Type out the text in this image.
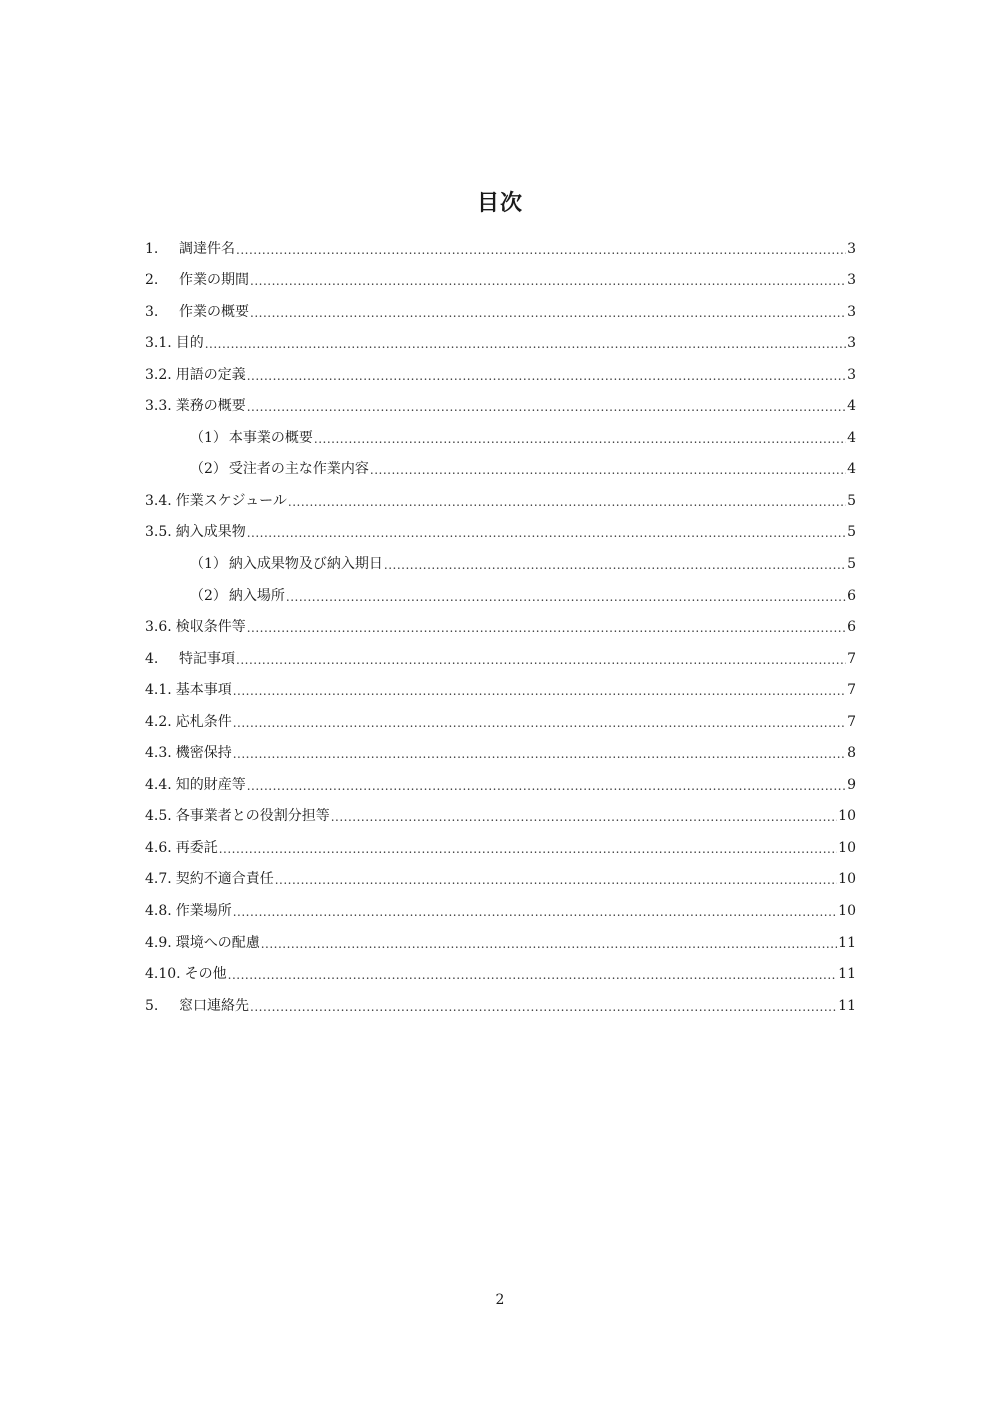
目次
1.	調達件名 .....	3
2.	作業の期間 .....	3
3.	作業の概要 .....	3
3.1. 目的 .....	3
3.2. 用語の定義 .....	3
3.3. 業務の概要 .....	4
（1） 本事業の概要 .....	4
（2） 受注者の主な作業内容 .....	4
3.4. 作業スケジュール .....	5
3.5. 納入成果物 .....	5
（1） 納入成果物及び納入期日 .....	5
（2） 納入場所 .....	6
3.6. 検収条件等 .....	6
4.	特記事項 .....	7
4.1. 基本事項 .....	7
4.2. 応札条件 .....	7
4.3. 機密保持 .....	8
4.4. 知的財産等 .....	9
4.5. 各事業者との役割分担等 .....	10
4.6. 再委託 .....	10
4.7. 契約不適合責任 .....	10
4.8. 作業場所 .....	10
4.9. 環境への配慮 .....	11
4.10. その他 .....	11
5.	窓口連絡先 .....	11
2
